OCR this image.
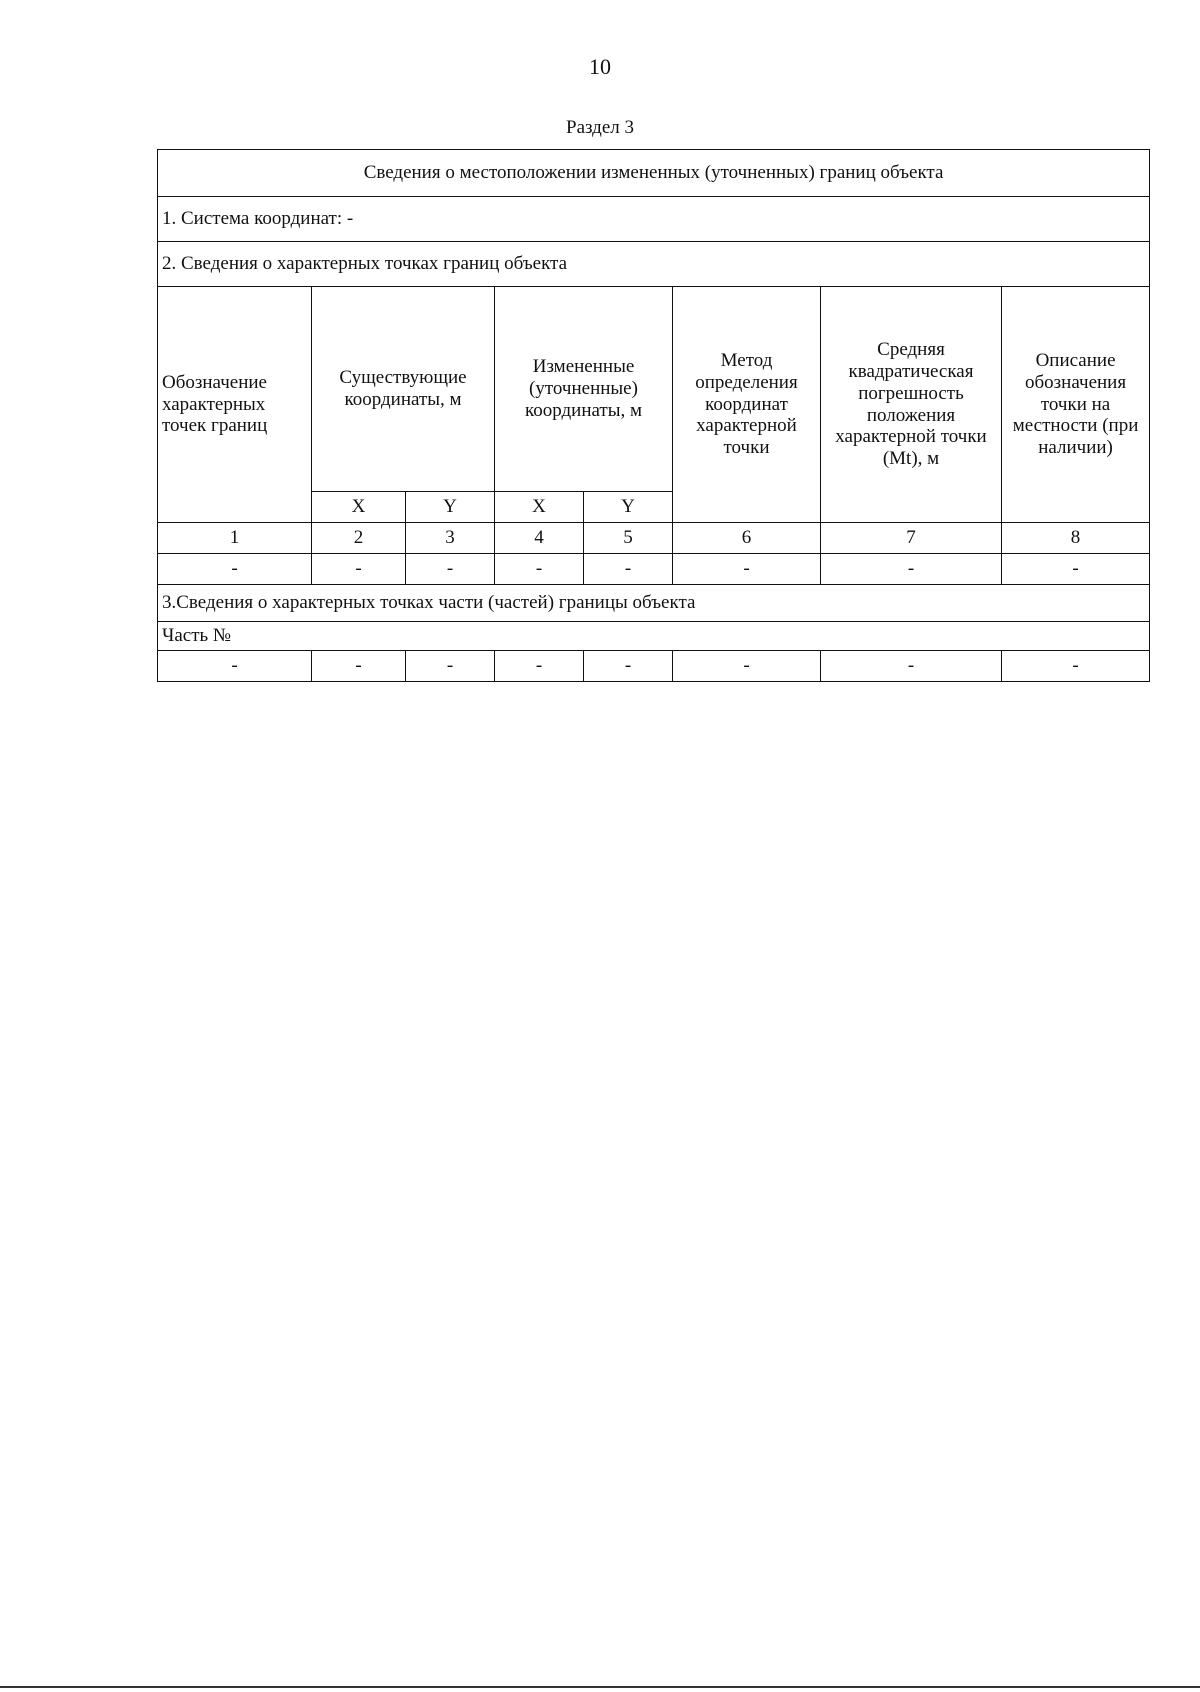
10
Раздел 3
Сведения о местоположении измененных (уточненных) границ объекта							
1. Система координат: -							
2. Сведения о характерных точках границ объекта							
Обозначение характерных точек границ	Существующие координаты, м		Измененные (уточненные) координаты, м		Метод определения координат характерной точки	Средняя квадратическая погрешность положения характерной точки (Mt), м	Описание обозначения точки на местности (при наличии)
	X	Y	X	Y			
1	2	3	4	5	6	7	8
-	-	-	-	-	-	-	-
3.Сведения о характерных точках части (частей) границы объекта							
Часть №							
-	-	-	-	-	-	-	-
